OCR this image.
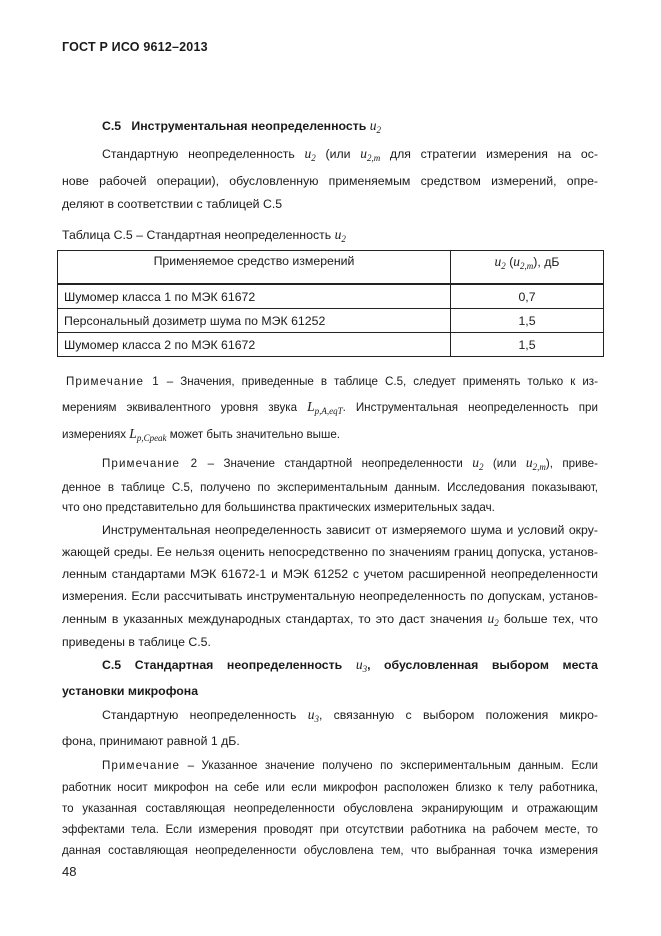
ГОСТ Р ИСО 9612–2013
С.5 Инструментальная неопределенность $u_2$
Стандартную неопределенность $u_2$ (или $u_{2,m}$ для стратегии измерения на ос-
нове рабочей операции), обусловленную применяемым средством измерений, опре-
деляют в соответствии с таблицей С.5
Таблица С.5 – Стандартная неопределенность $u_2$
Применяемое средство измерений	$u_2$ $(u_{2,m})$, дБ
Шумомер класса 1 по МЭК 61672	0,7
Персональный дозиметр шума по МЭК 61252	1,5
Шумомер класса 2 по МЭК 61672	1,5
Примечание 1 – Значения, приведенные в таблице С.5, следует применять только к из-
мерениям эквивалентного уровня звука $L_{p,A,eqT}$. Инструментальная неопределенность при
измерениях $L_{p,Cpeak}$ может быть значительно выше.
Примечание 2 – Значение стандартной неопределенности $u_2$ (или $u_{2,m}$), приве-
денное в таблице С.5, получено по экспериментальным данным. Исследования показывают,
что оно представительно для большинства практических измерительных задач.
Инструментальная неопределенность зависит от измеряемого шума и условий окру-
жающей среды. Ее нельзя оценить непосредственно по значениям границ допуска, установ-
ленным стандартами МЭК 61672-1 и МЭК 61252 с учетом расширенной неопределенности
измерения. Если рассчитывать инструментальную неопределенность по допускам, установ-
ленным в указанных международных стандартах, то это даст значения $u_2$ больше тех, что
приведены в таблице С.5.
С.5 Стандартная неопределенность $u_3$, обусловленная выбором места
установки микрофона
Стандартную неопределенность $u_3$, связанную с выбором положения микро-
фона, принимают равной 1 дБ.
Примечание – Указанное значение получено по экспериментальным данным. Если
работник носит микрофон на себе или если микрофон расположен близко к телу работника,
то указанная составляющая неопределенности обусловлена экранирующим и отражающим
эффектами тела. Если измерения проводят при отсутствии работника на рабочем месте, то
данная составляющая неопределенности обусловлена тем, что выбранная точка измерения
48
